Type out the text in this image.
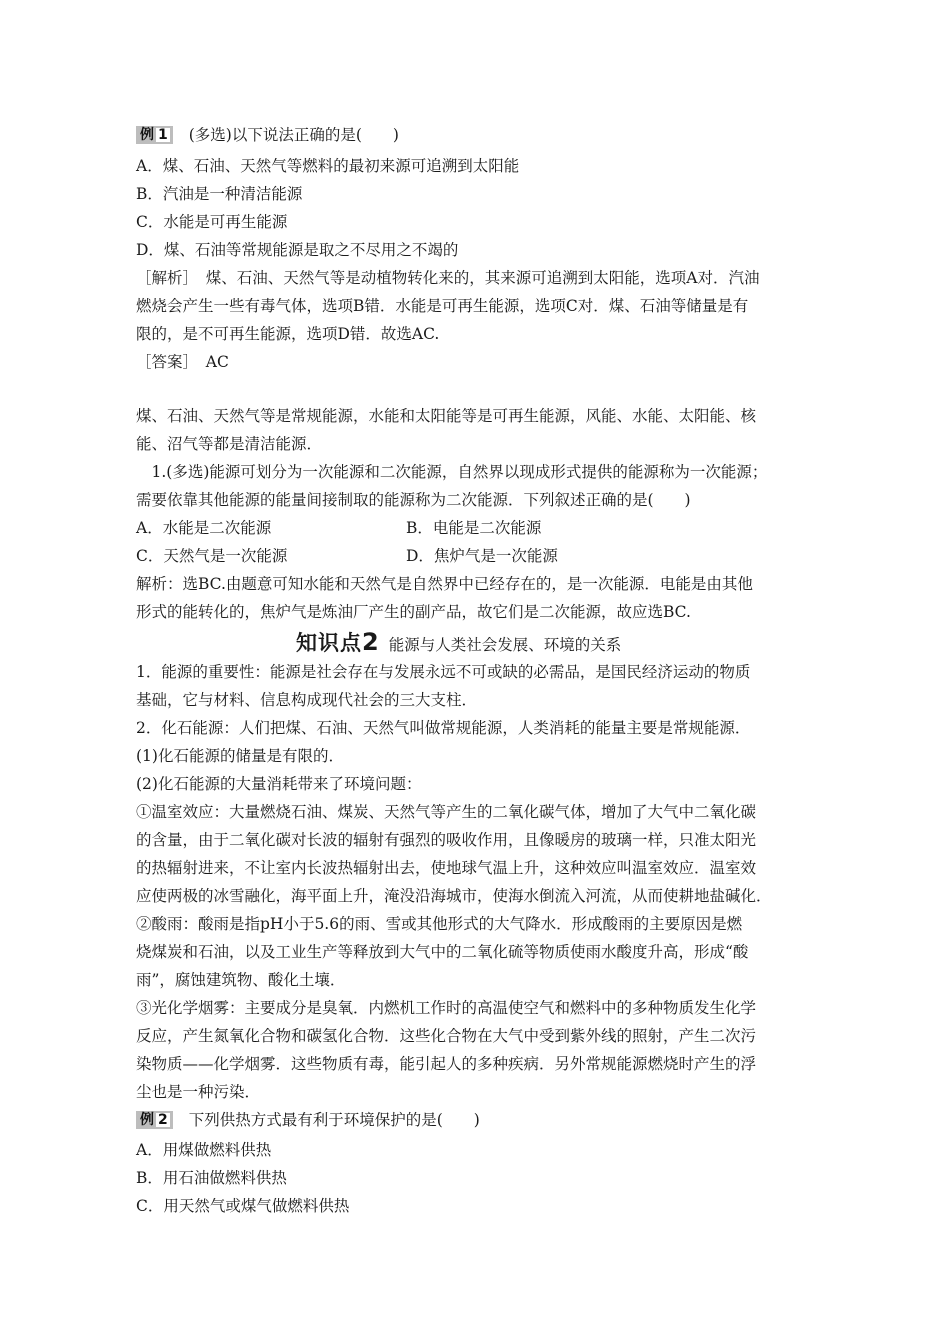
例 1 (多选)以下说法正确的是(　　)
A．煤、石油、天然气等燃料的最初来源可追溯到太阳能
B．汽油是一种清洁能源
C．水能是可再生能源
D．煤、石油等常规能源是取之不尽用之不竭的
［解析］　煤、石油、天然气等是动植物转化来的，其来源可追溯到太阳能，选项A对．汽油
燃烧会产生一些有毒气体，选项B错．水能是可再生能源，选项C对．煤、石油等储量是有
限的，是不可再生能源，选项D错．故选AC.
［答案］　AC
煤、石油、天然气等是常规能源，水能和太阳能等是可再生能源，风能、水能、太阳能、核
能、沼气等都是清洁能源．
　1.(多选)能源可划分为一次能源和二次能源，自然界以现成形式提供的能源称为一次能源；
需要依靠其他能源的能量间接制取的能源称为二次能源．下列叙述正确的是(　　)
A．水能是二次能源	B．电能是二次能源
C．天然气是一次能源	D．焦炉气是一次能源
解析：选BC.由题意可知水能和天然气是自然界中已经存在的，是一次能源．电能是由其他
形式的能转化的，焦炉气是炼油厂产生的副产品，故它们是二次能源，故应选BC.
知识点2 能源与人类社会发展、环境的关系
1．能源的重要性：能源是社会存在与发展永远不可或缺的必需品，是国民经济运动的物质
基础，它与材料、信息构成现代社会的三大支柱．
2．化石能源：人们把煤、石油、天然气叫做常规能源，人类消耗的能量主要是常规能源．
(1)化石能源的储量是有限的．
(2)化石能源的大量消耗带来了环境问题：
①温室效应：大量燃烧石油、煤炭、天然气等产生的二氧化碳气体，增加了大气中二氧化碳
的含量，由于二氧化碳对长波的辐射有强烈的吸收作用，且像暖房的玻璃一样，只准太阳光
的热辐射进来，不让室内长波热辐射出去，使地球气温上升，这种效应叫温室效应．温室效
应使两极的冰雪融化，海平面上升，淹没沿海城市，使海水倒流入河流，从而使耕地盐碱化．
②酸雨：酸雨是指pH小于5.6的雨、雪或其他形式的大气降水．形成酸雨的主要原因是燃
烧煤炭和石油，以及工业生产等释放到大气中的二氧化硫等物质使雨水酸度升高，形成“酸
雨”，腐蚀建筑物、酸化土壤．
③光化学烟雾：主要成分是臭氧．内燃机工作时的高温使空气和燃料中的多种物质发生化学
反应，产生氮氧化合物和碳氢化合物．这些化合物在大气中受到紫外线的照射，产生二次污
染物质——化学烟雾．这些物质有毒，能引起人的多种疾病．另外常规能源燃烧时产生的浮
尘也是一种污染．
例 2 下列供热方式最有利于环境保护的是(　　)
A．用煤做燃料供热
B．用石油做燃料供热
C．用天然气或煤气做燃料供热
